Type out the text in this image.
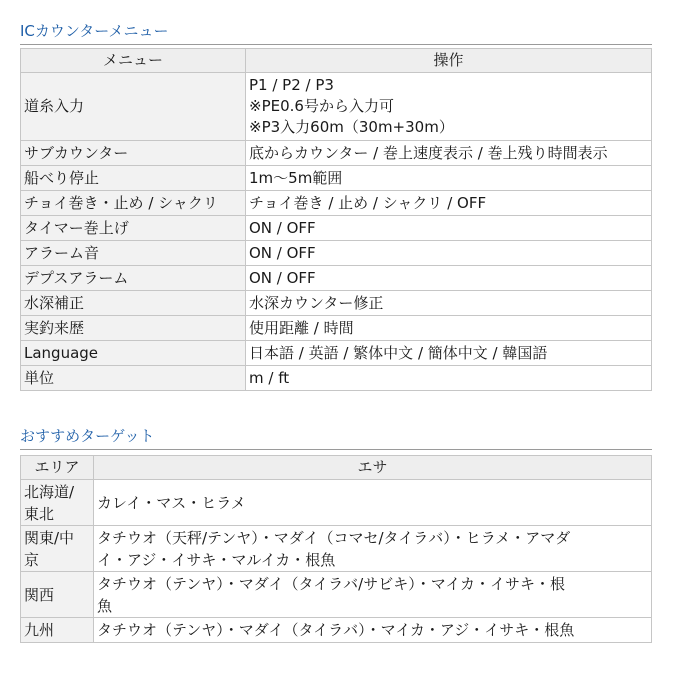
ICカウンターメニュー
メニュー	操作
道糸入力	P1 / P2 / P3
※PE0.6号から入力可
※P3入力60m（30m+30m）

サブカウンター	底からカウンター / 巻上速度表示 / 巻上残り時間表示
船べり停止	1m〜5m範囲
チョイ巻き・止め / シャクリ	チョイ巻き / 止め / シャクリ / OFF
タイマー巻上げ	ON / OFF
アラーム音	ON / OFF
デプスアラーム	ON / OFF
水深補正	水深カウンター修正
実釣来歴	使用距離 / 時間
Language	日本語 / 英語 / 繁体中文 / 簡体中文 / 韓国語
単位	m / ft
おすすめターゲット
エリア	エサ

北海道/
東北	カレイ・マス・ヒラメ

関東/中
京	タチウオ（天秤/テンヤ）・マダイ（コマセ/タイラバ）・ヒラメ・アマダ
イ・アジ・イサキ・マルイカ・根魚

関西	タチウオ（テンヤ）・マダイ（タイラバ/サビキ）・マイカ・イサキ・根
魚

九州	タチウオ（テンヤ）・マダイ（タイラバ）・マイカ・アジ・イサキ・根魚
